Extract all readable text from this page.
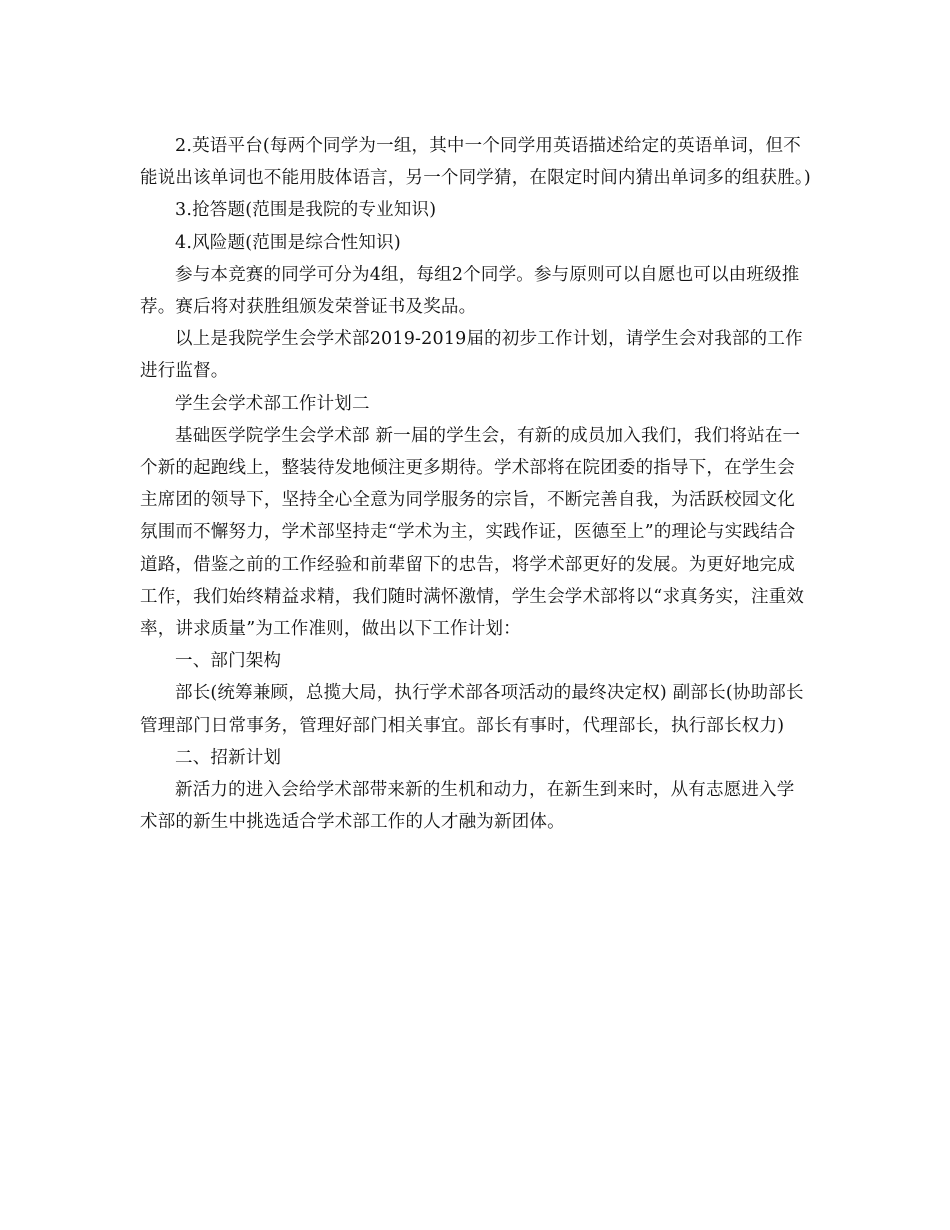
2.英语平台(每两个同学为一组，其中一个同学用英语描述给定的英语单词，但不能说出该单词也不能用肢体语言，另一个同学猜，在限定时间内猜出单词多的组获胜。)

3.抢答题(范围是我院的专业知识)

4.风险题(范围是综合性知识)

参与本竞赛的同学可分为4组，每组2个同学。参与原则可以自愿也可以由班级推荐。赛后将对获胜组颁发荣誉证书及奖品。

以上是我院学生会学术部2019-2019届的初步工作计划，请学生会对我部的工作进行监督。

学生会学术部工作计划二

基础医学院学生会学术部 新一届的学生会，有新的成员加入我们，我们将站在一个新的起跑线上，整装待发地倾注更多期待。学术部将在院团委的指导下，在学生会主席团的领导下，坚持全心全意为同学服务的宗旨，不断完善自我，为活跃校园文化氛围而不懈努力，学术部坚持走“学术为主，实践作证，医德至上”的理论与实践结合道路，借鉴之前的工作经验和前辈留下的忠告，将学术部更好的发展。为更好地完成工作，我们始终精益求精，我们随时满怀激情，学生会学术部将以“求真务实，注重效率，讲求质量”为工作准则，做出以下工作计划：

一、部门架构

部长(统筹兼顾，总揽大局，执行学术部各项活动的最终决定权) 副部长(协助部长管理部门日常事务，管理好部门相关事宜。部长有事时，代理部长，执行部长权力)

二、招新计划

新活力的进入会给学术部带来新的生机和动力，在新生到来时，从有志愿进入学术部的新生中挑选适合学术部工作的人才融为新团体。
